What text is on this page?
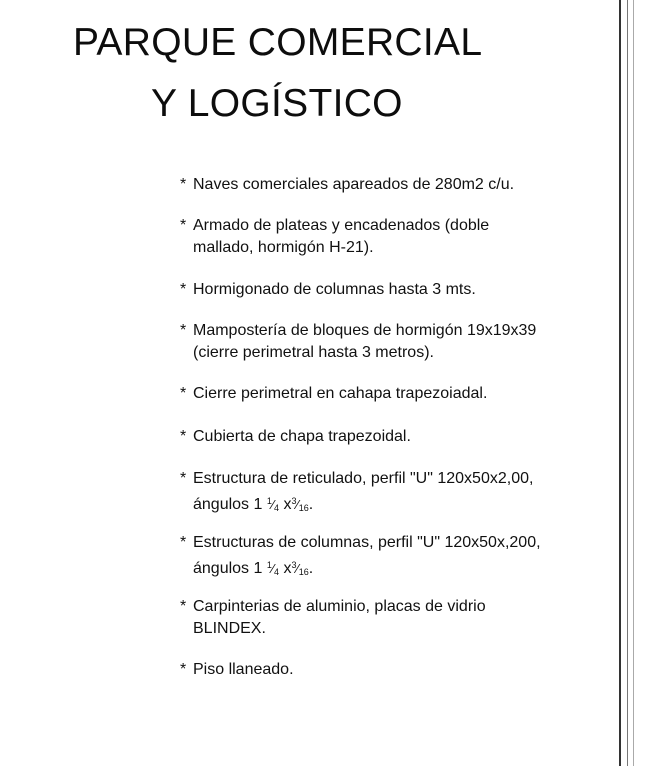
PARQUE COMERCIAL
Y LOGÍSTICO
* Naves comerciales apareados de 280m2 c/u.
* Armado de plateas y encadenados (doble
mallado, hormigón H-21).
* Hormigonado de columnas hasta 3 mts.
* Mampostería de bloques de hormigón 19x19x39
(cierre perimetral hasta 3 metros).
* Cierre perimetral en cahapa trapezoiadal.
* Cubierta de chapa trapezoidal.
* Estructura de reticulado, perfil "U" 120x50x2,00,
ángulos 1 $^1⁄_4$ $x^3⁄_{16}$.
* Estructuras de columnas, perfil "U" 120x50x,200,
ángulos 1 $^1⁄_4$ $x^3⁄_{16}$.
* Carpinterias de aluminio, placas de vidrio
BLINDEX.
* Piso llaneado.
